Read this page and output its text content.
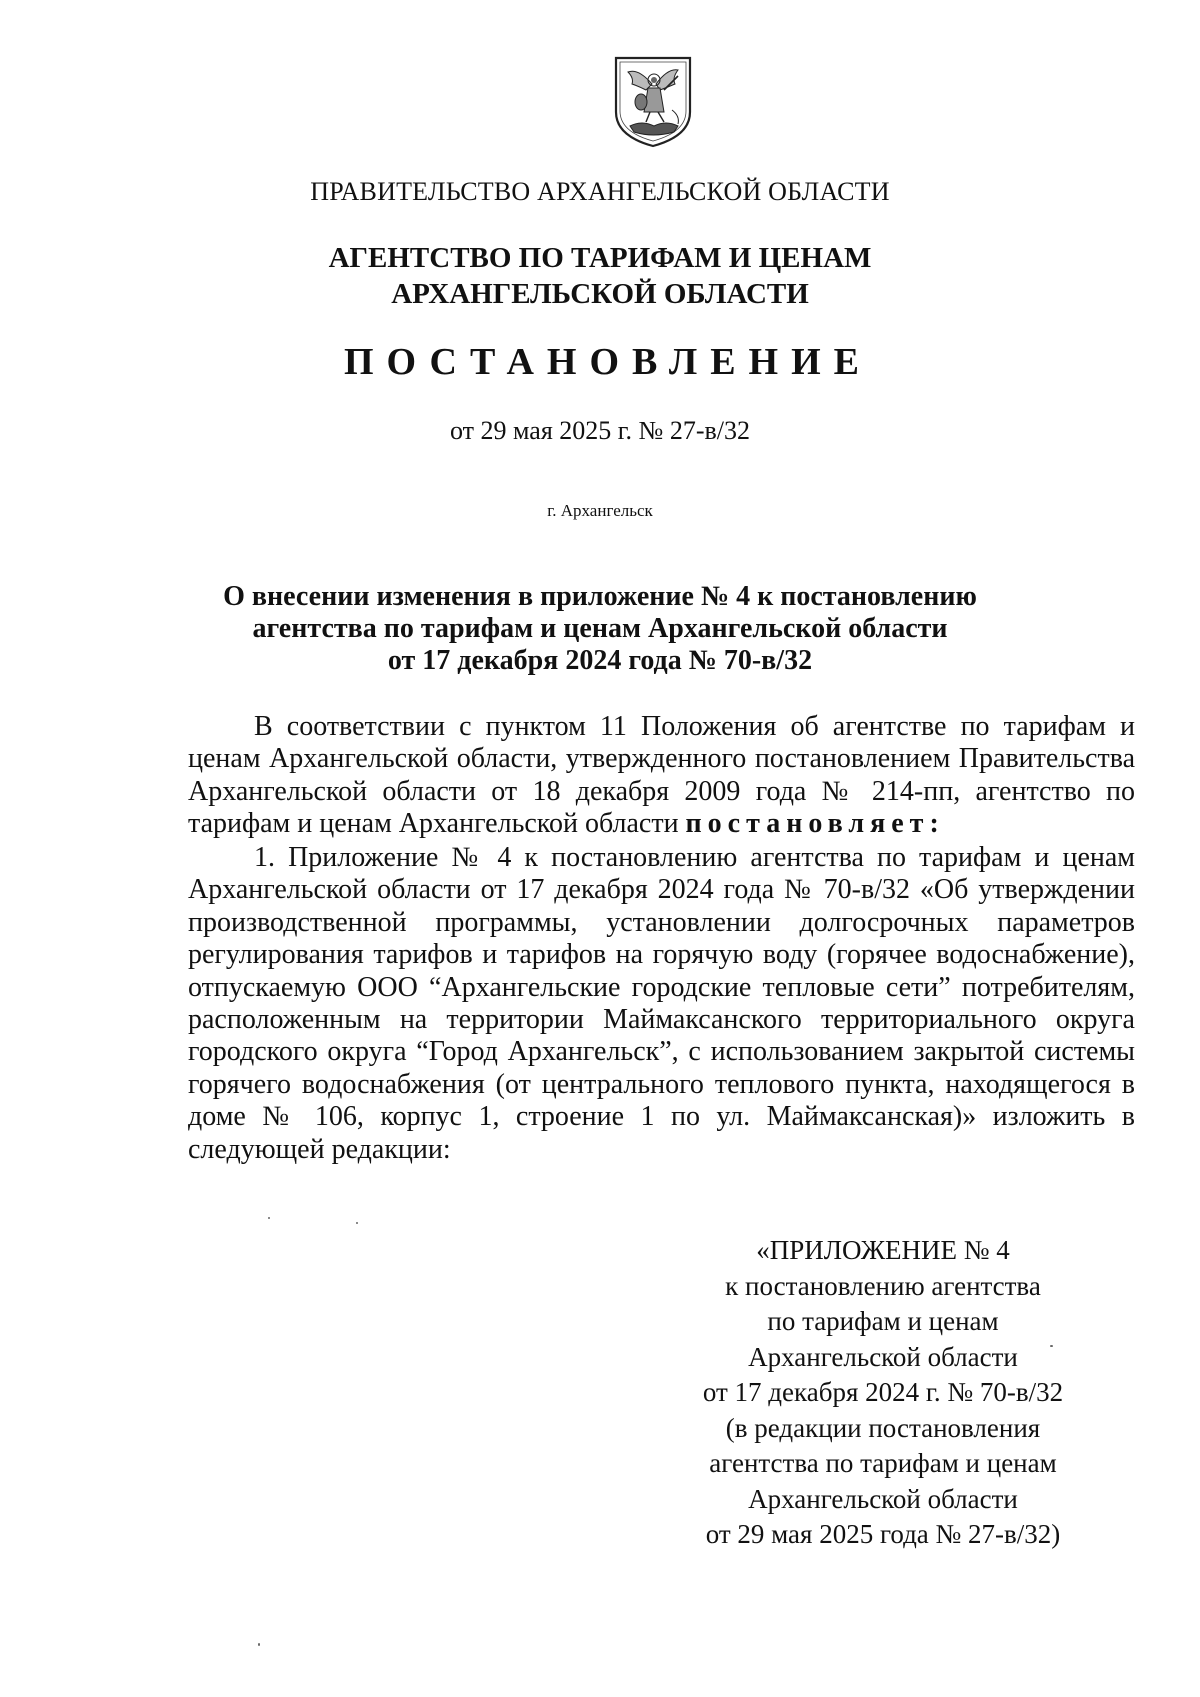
ПРАВИТЕЛЬСТВО АРХАНГЕЛЬСКОЙ ОБЛАСТИ
АГЕНТСТВО ПО ТАРИФАМ И ЦЕНАМ
АРХАНГЕЛЬСКОЙ ОБЛАСТИ
ПОСТАНОВЛЕНИЕ
от 29 мая 2025 г. № 27-в/32
г. Архангельск
О внесении изменения в приложение № 4 к постановлению
агентства по тарифам и ценам Архангельской области
от 17 декабря 2024 года № 70-в/32
В соответствии с пунктом 11 Положения об агентстве по тарифам и ценам Архангельской области, утвержденного постановлением Правительства Архангельской области от 18 декабря 2009 года № 214-пп, агентство по тарифам и ценам Архангельской области постановляет:
1. Приложение № 4 к постановлению агентства по тарифам и ценам Архангельской области от 17 декабря 2024 года № 70-в/32 «Об утверждении производственной программы, установлении долгосрочных параметров регулирования тарифов и тарифов на горячую воду (горячее водоснабжение), отпускаемую ООО “Архангельские городские тепловые сети” потребителям, расположенным на территории Маймаксанского территориального округа городского округа “Город Архангельск”, с использованием закрытой системы горячего водоснабжения (от центрального теплового пункта, находящегося в доме № 106, корпус 1, строение 1 по ул. Маймаксанская)» изложить в следующей редакции:
«ПРИЛОЖЕНИЕ № 4
к постановлению агентства
по тарифам и ценам
Архангельской области
от 17 декабря 2024 г. № 70-в/32
(в редакции постановления
агентства по тарифам и ценам
Архангельской области
от 29 мая 2025 года № 27-в/32)
